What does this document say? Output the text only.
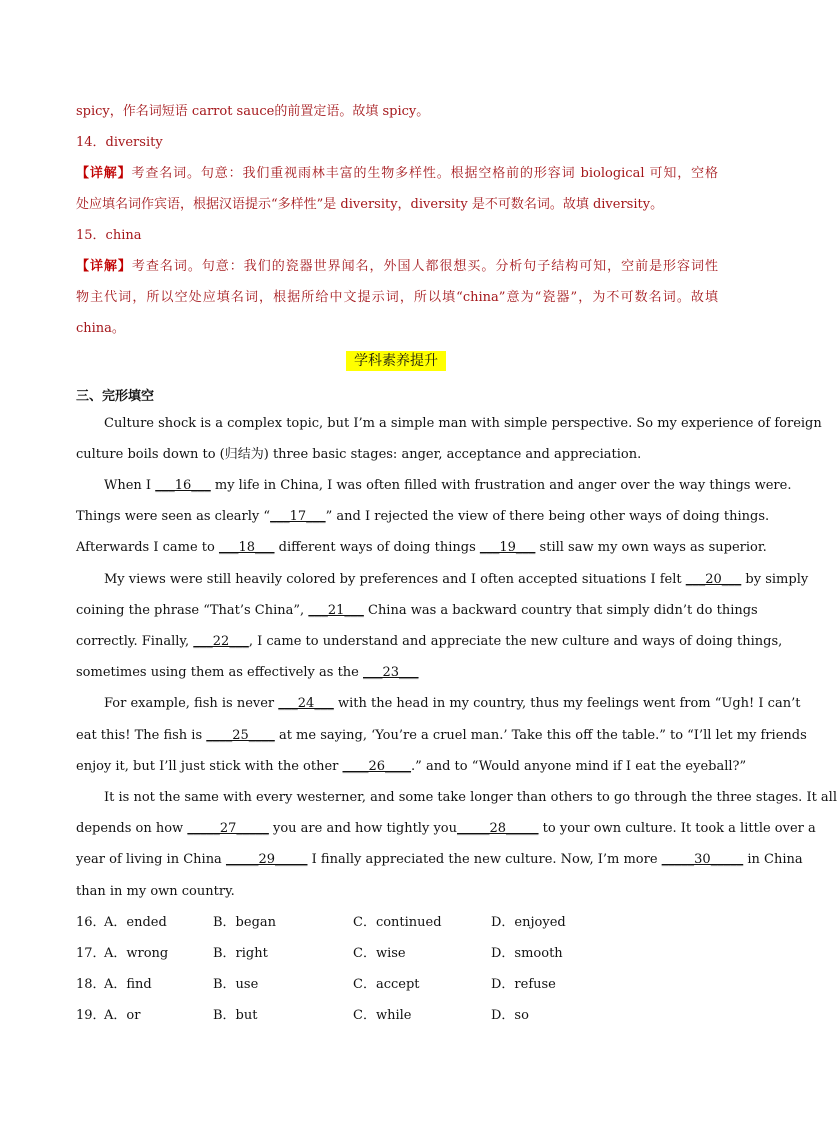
spicy，作名词短语 carrot sauce的前置定语。故填 spicy。
14．diversity
【详解】考查名词。句意：我们重视雨林丰富的生物多样性。根据空格前的形容词 biological 可知，空格
处应填名词作宾语，根据汉语提示“多样性”是 diversity，diversity 是不可数名词。故填 diversity。
15．china
【详解】考查名词。句意：我们的瓷器世界闻名，外国人都很想买。分析句子结构可知，空前是形容词性
物主代词，所以空处应填名词，根据所给中文提示词，所以填“china”意为“瓷器”，为不可数名词。故填
china。
学科素养提升
三、完形填空
Culture shock is a complex topic, but I’m a simple man with simple perspective. So my experience of foreign
culture boils down to (归结为) three basic stages: anger, acceptance and appreciation.
When I ___16___ my life in China, I was often filled with frustration and anger over the way things were.
Things were seen as clearly “___17___” and I rejected the view of there being other ways of doing things.
Afterwards I came to ___18___ different ways of doing things ___19___ still saw my own ways as superior.
My views were still heavily colored by preferences and I often accepted situations I felt ___20___ by simply
coining the phrase “That’s China”, ___21___ China was a backward country that simply didn’t do things
correctly. Finally, ___22___, I came to understand and appreciate the new culture and ways of doing things,
sometimes using them as effectively as the ___23___
For example, fish is never ___24___ with the head in my country, thus my feelings went from “Ugh! I can’t
eat this! The fish is ____25____ at me saying, ‘You’re a cruel man.’ Take this off the table.” to “I’ll let my friends
enjoy it, but I’ll just stick with the other ____26____.” and to “Would anyone mind if I eat the eyeball?”
It is not the same with every westerner, and some take longer than others to go through the three stages. It all
depends on how _____27_____ you are and how tightly you_____28_____ to your own culture. It took a little over a
year of living in China _____29_____ I finally appreciated the new culture. Now, I’m more _____30_____ in China
than in my own country.
16．
A．ended	B．began	C．continued	D．enjoyed
17．
A．wrong	B．right	C．wise	D．smooth
18．
A．find	B．use	C．accept	D．refuse
19．
A．or	B．but	C．while	D．so
